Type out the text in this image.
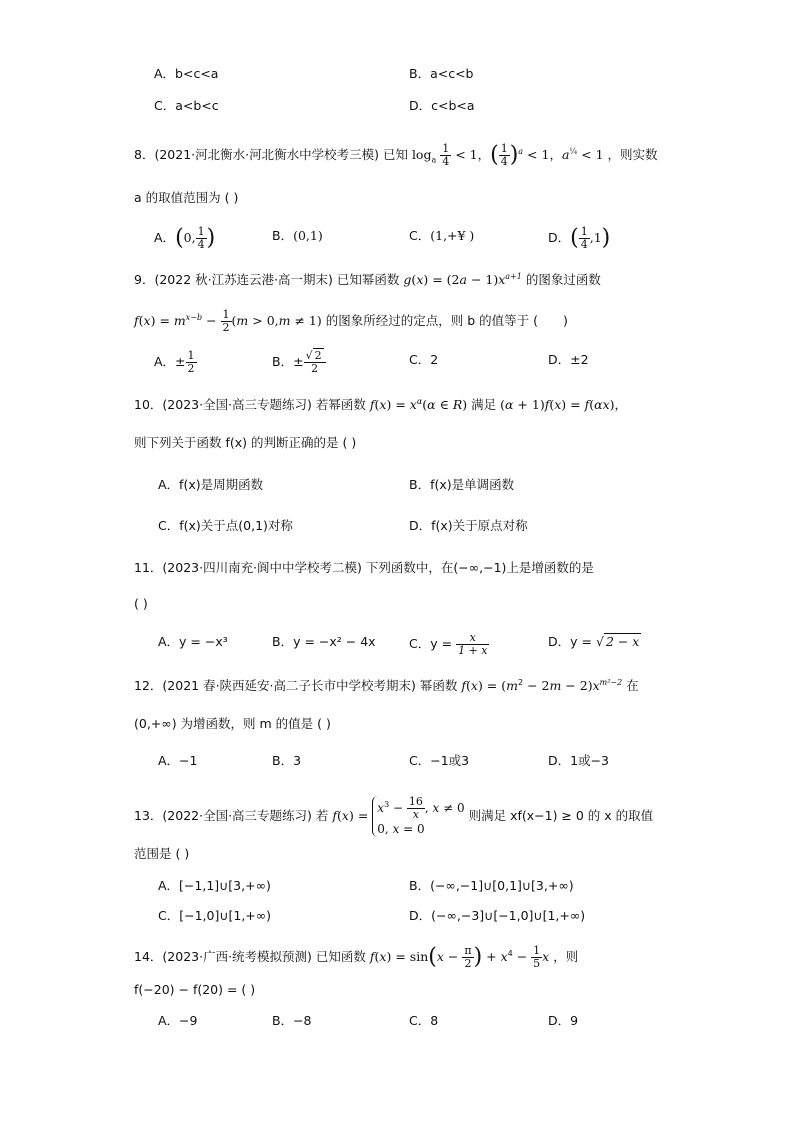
A．b<c<a	B．a<c<b
C．a<b<c	D．c<b<a
8．(2021·河北衡水·河北衡水中学校考三模) 已知 $\log_a \frac{1}{4} < 1$，( $\frac{1}{4} )^a < 1$，$a^{\frac{1}{4}} < 1$ ，则实数
a 的取值范围为 ( )
A．(0, $\frac{1}{4}$ )	B．(0,1)	C．(1,+¥ )	D．( $\frac{1}{4} ,1$)
9．(2022 秋·江苏连云港·高一期末) 已知幂函数 $g(x) = (2a - 1)x^{a+1}$ 的图象过函数
$f(x) = m^{x-b} - \frac{1}{2} (m > 0,m \ne 1)$ 的图象所经过的定点，则 b 的值等于 (　　)
A．± $\frac{1}{2}$	B．± $\frac{√ 2}{2}$	C．2	D．±2
10．(2023·全国·高三专题练习) 若幂函数 $f(x) = x^\alpha(\alpha$ ∈ R) 满足 (α + 1)f(x) = f(αx)，
则下列关于函数 f(x) 的判断正确的是 ( )
A．f(x)是周期函数	B．f(x)是单调函数
C．f(x)关于点(0,1)对称	D．f(x)关于原点对称
11．(2023·四川南充·阆中中学校考二模) 下列函数中，在(−∞,−1)上是增函数的是
( )
A．y = −x³	B．y = −x² − 4x	C．$y = \frac{x}{1 + x}$	D．y = √ 2 − x
12．(2021 春·陕西延安·高二子长市中学校考期末) 幂函数 $f(x) = (m^2 - 2m - 2)x^{m^2-2}$ 在
(0,+∞) 为增函数，则 m 的值是 ( )
A．−1	B．3	C．−1或3	D．1或−3
13．(2022·全国·高三专题练习) 若 $f(x) = x^3 - \frac{16}{x}$ , x ≠ 0
0, x = 0 则满足 xf(x−1) ≥ 0 的 x 的取值
范围是 ( )
A．[−1,1]∪[3,+∞)	B．(−∞,−1]∪[0,1]∪[3,+∞)
C．[−1,0]∪[1,+∞)	D．(−∞,−3]∪[−1,0]∪[1,+∞)
14．(2023·广西·统考模拟预测) 已知函数 $f(x) = \sin(x - \frac{\pi}{2}$ ) + $x^4 - \frac{1}{5}$ x ，则
f(−20) − f(20) = ( )
A．−9	B．−8	C．8	D．9
